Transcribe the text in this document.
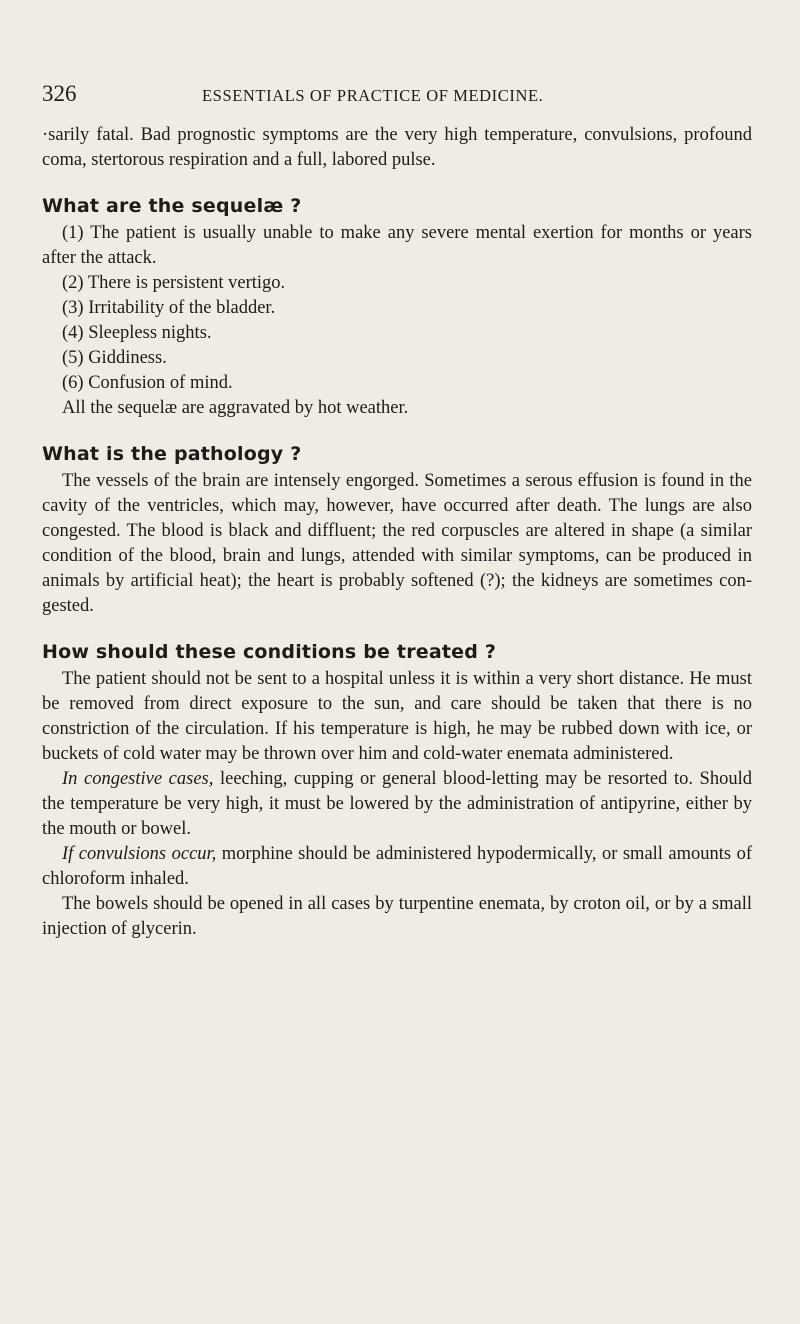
326	ESSENTIALS OF PRACTICE OF MEDICINE.

·sarily fatal. Bad prognostic symptoms are the very high temperature, convulsions, profound coma, stertorous respiration and a full, labored pulse.

What are the sequelæ ?
(1) The patient is usually unable to make any severe mental exertion for months or years after the attack.
(2) There is persistent vertigo.
(3) Irritability of the bladder.
(4) Sleepless nights.
(5) Giddiness.
(6) Confusion of mind.

All the sequelæ are aggravated by hot weather.

What is the pathology ?

The vessels of the brain are intensely engorged. Sometimes a serous effusion is found in the cavity of the ventricles, which may, however, have occurred after death. The lungs are also congested. The blood is black and diffluent; the red corpuscles are altered in shape (a similar condition of the blood, brain and lungs, attended with similar symptoms, can be produced in animals by artificial heat); the heart is probably softened (?); the kidneys are sometimes congested.

How should these conditions be treated ?

The patient should not be sent to a hospital unless it is within a very short distance. He must be removed from direct exposure to the sun, and care should be taken that there is no constriction of the circulation. If his temperature is high, he may be rubbed down with ice, or buckets of cold water may be thrown over him and cold-water enemata administered.

In congestive cases, leeching, cupping or general blood-letting may be resorted to. Should the temperature be very high, it must be lowered by the administration of antipyrine, either by the mouth or bowel.

If convulsions occur, morphine should be administered hypodermically, or small amounts of chloroform inhaled.

The bowels should be opened in all cases by turpentine enemata, by croton oil, or by a small injection of glycerin.
